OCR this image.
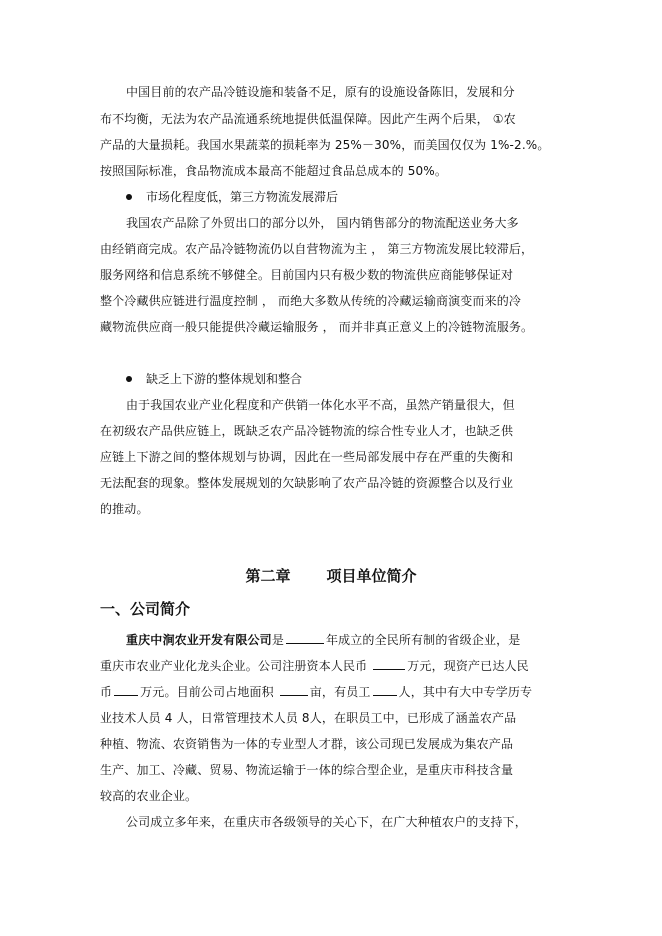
中国目前的农产品冷链设施和装备不足，原有的设施设备陈旧，发展和分
布不均衡，无法为农产品流通系统地提供低温保障。因此产生两个后果， ①农
产品的大量损耗。我国水果蔬菜的损耗率为 25%－30%，而美国仅仅为 1%-2.%。
按照国际标准，食品物流成本最高不能超过食品总成本的 50%。
市场化程度低，第三方物流发展滞后
我国农产品除了外贸出口的部分以外， 国内销售部分的物流配送业务大多
由经销商完成。农产品冷链物流仍以自营物流为主 ， 第三方物流发展比较滞后，
服务网络和信息系统不够健全。目前国内只有极少数的物流供应商能够保证对
整个冷藏供应链进行温度控制 ， 而绝大多数从传统的冷藏运输商演变而来的冷
藏物流供应商一般只能提供冷藏运输服务 ， 而并非真正意义上的冷链物流服务。
缺乏上下游的整体规划和整合
由于我国农业产业化程度和产供销一体化水平不高，虽然产销量很大，但
在初级农产品供应链上，既缺乏农产品冷链物流的综合性专业人才，也缺乏供
应链上下游之间的整体规划与协调，因此在一些局部发展中存在严重的失衡和
无法配套的现象。整体发展规划的欠缺影响了农产品冷链的资源整合以及行业
的推动。
第二章 项目单位简介
一、公司简介
重庆中涧农业开发有限公司是	年成立的全民所有制的省级企业，是
重庆市农业产业化龙头企业。公司注册资本人民币	万元，现资产已达人民
币 万元。目前公司占地面积	亩，有员工 人，其中有大中专学历专
业技术人员 4 人，日常管理技术人员 8人，在职员工中，已形成了涵盖农产品
种植、物流、农资销售为一体的专业型人才群，该公司现已发展成为集农产品
生产、加工、冷藏、贸易、物流运输于一体的综合型企业，是重庆市科技含量
较高的农业企业。
公司成立多年来，在重庆市各级领导的关心下，在广大种植农户的支持下，
